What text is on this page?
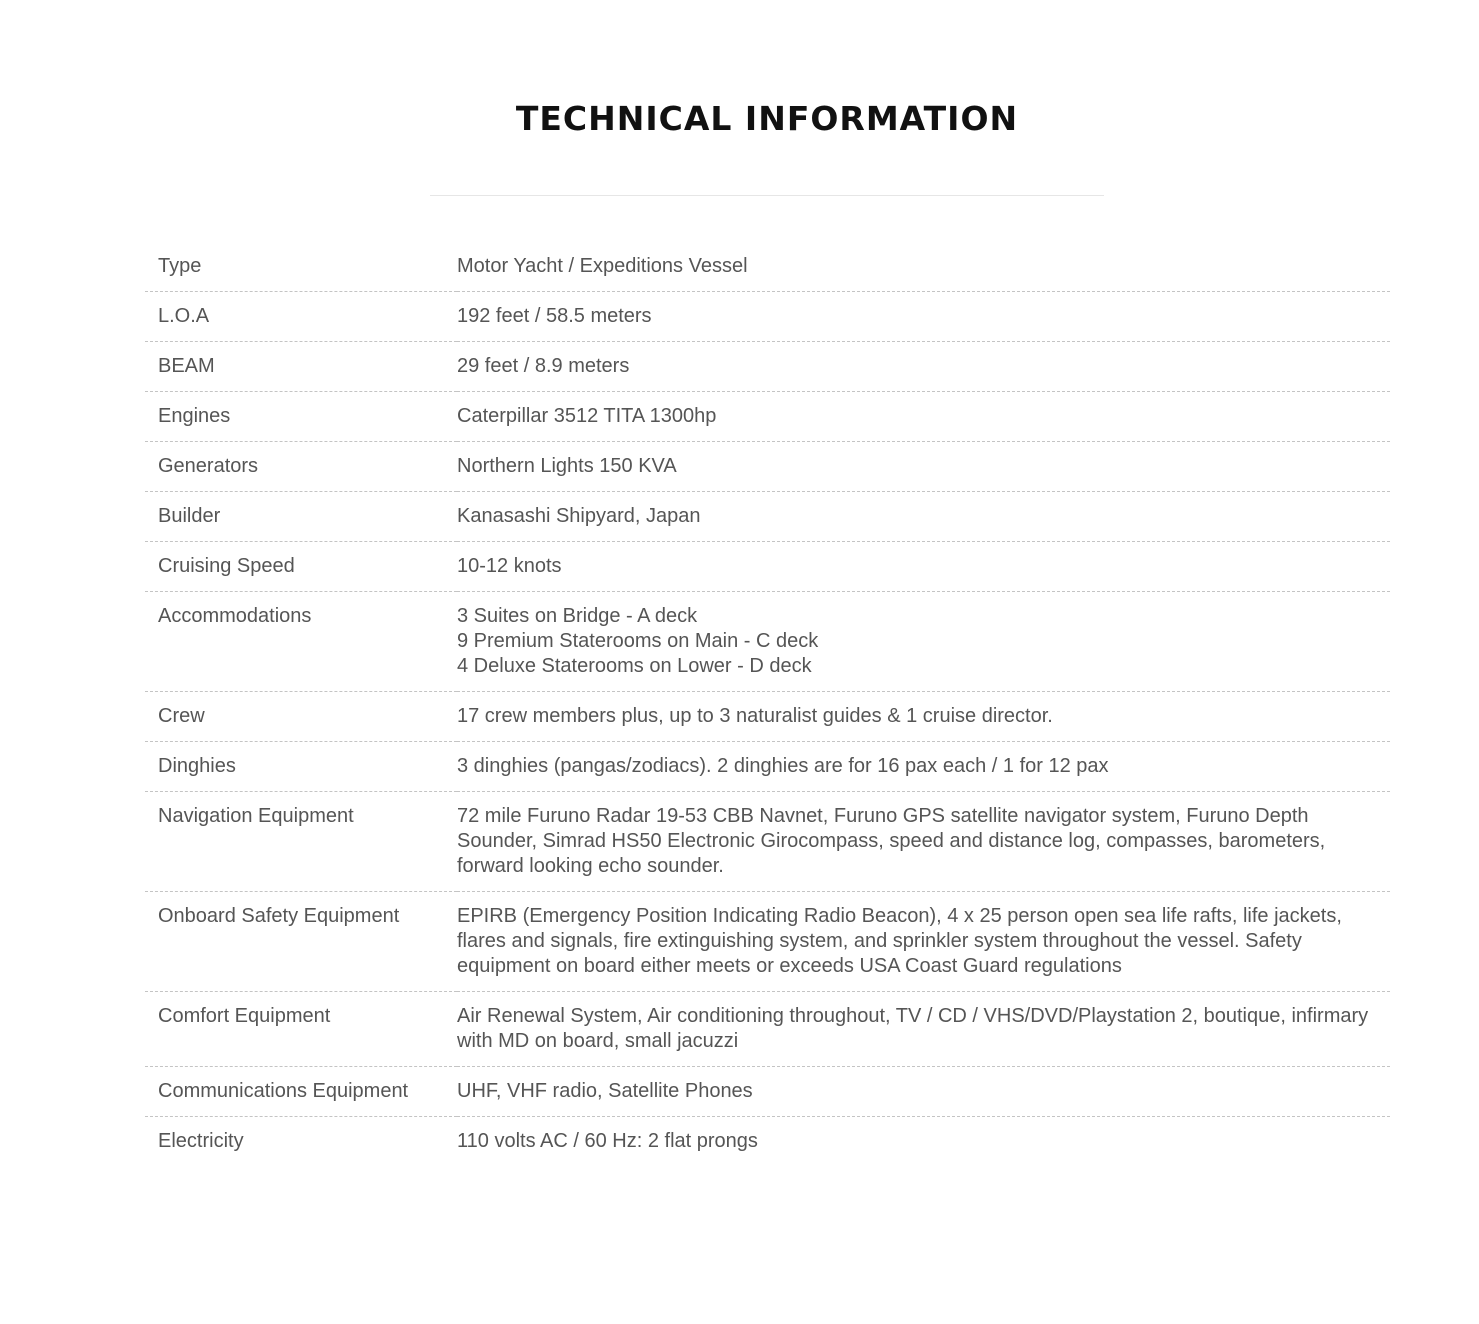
TECHNICAL INFORMATION
Type	Motor Yacht / Expeditions Vessel

L.O.A	192 feet / 58.5 meters

BEAM	29 feet / 8.9 meters

Engines	Caterpillar 3512 TITA 1300hp

Generators	Northern Lights 150 KVA

Builder	Kanasashi Shipyard, Japan

Cruising Speed	10-12 knots

Accommodations	3 Suites on Bridge - A deck
9 Premium Staterooms on Main - C deck
4 Deluxe Staterooms on Lower - D deck

Crew	17 crew members plus, up to 3 naturalist guides & 1 cruise director.

Dinghies	3 dinghies (pangas/zodiacs). 2 dinghies are for 16 pax each / 1 for 12 pax

Navigation Equipment	72 mile Furuno Radar 19-53 CBB Navnet, Furuno GPS satellite navigator system, Furuno Depth Sounder, Simrad HS50 Electronic Girocompass, speed and distance log, compasses, barometers, forward looking echo sounder.

Onboard Safety Equipment	EPIRB (Emergency Position Indicating Radio Beacon), 4 x 25 person open sea life rafts, life jackets, flares and signals, fire extinguishing system, and sprinkler system throughout the vessel. Safety equipment on board either meets or exceeds USA Coast Guard regulations

Comfort Equipment	Air Renewal System, Air conditioning throughout, TV / CD / VHS/DVD/Playstation 2, boutique, infirmary with MD on board, small jacuzzi

Communications Equipment	UHF, VHF radio, Satellite Phones

Electricity	110 volts AC / 60 Hz: 2 flat prongs
